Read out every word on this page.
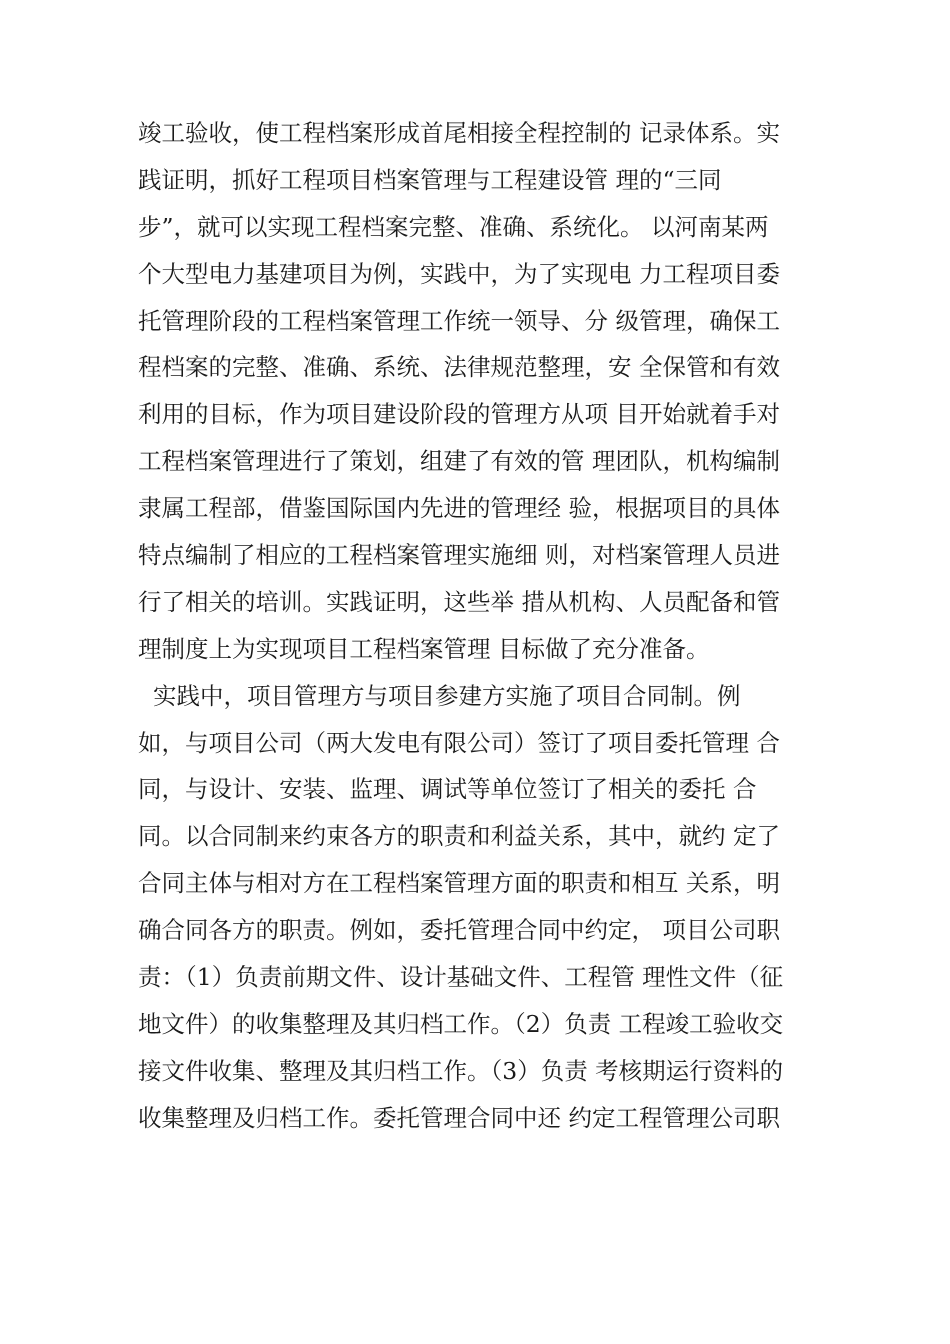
竣工验收，使工程档案形成首尾相接全程控制的 记录体系。实
践证明，抓好工程项目档案管理与工程建设管 理的“三同
步”，就可以实现工程档案完整、准确、系统化。 以河南某两
个大型电力基建项目为例，实践中，为了实现电 力工程项目委
托管理阶段的工程档案管理工作统一领导、分 级管理，确保工
程档案的完整、准确、系统、法律规范整理，安 全保管和有效
利用的目标，作为项目建设阶段的管理方从项 目开始就着手对
工程档案管理进行了策划，组建了有效的管 理团队，机构编制
隶属工程部，借鉴国际国内先进的管理经 验，根据项目的具体
特点编制了相应的工程档案管理实施细 则，对档案管理人员进
行了相关的培训。实践证明，这些举 措从机构、人员配备和管
理制度上为实现项目工程档案管理 目标做了充分准备。
实践中，项目管理方与项目参建方实施了项目合同制。例
如，与项目公司（两大发电有限公司）签订了项目委托管理 合
同，与设计、安装、监理、调试等单位签订了相关的委托 合
同。以合同制来约束各方的职责和利益关系，其中，就约 定了
合同主体与相对方在工程档案管理方面的职责和相互 关系，明
确合同各方的职责。例如，委托管理合同中约定， 项目公司职
责：（1）负责前期文件、设计基础文件、工程管 理性文件（征
地文件）的收集整理及其归档工作。（2）负责 工程竣工验收交
接文件收集、整理及其归档工作。（3）负责 考核期运行资料的
收集整理及归档工作。委托管理合同中还 约定工程管理公司职
